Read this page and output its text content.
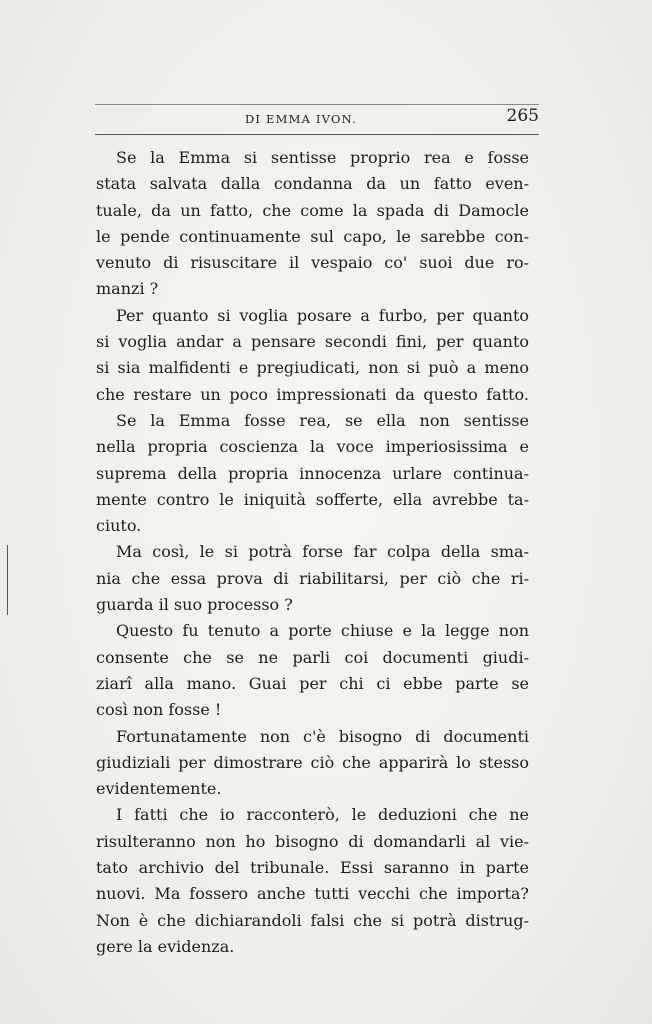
DI EMMA IVON.	265
Se la Emma si sentisse proprio rea e fosse
stata salvata dalla condanna da un fatto even-
tuale, da un fatto, che come la spada di Damocle
le pende continuamente sul capo, le sarebbe con-
venuto di risuscitare il vespaio co' suoi due ro-
manzi ?
Per quanto si voglia posare a furbo, per quanto
si voglia andar a pensare secondi fini, per quanto
si sia malfidenti e pregiudicati, non si può a meno
che restare un poco impressionati da questo fatto.
Se la Emma fosse rea, se ella non sentisse
nella propria coscienza la voce imperiosissima e
suprema della propria innocenza urlare continua-
mente contro le iniquità sofferte, ella avrebbe ta-
ciuto.
Ma così, le si potrà forse far colpa della sma-
nia che essa prova di riabilitarsi, per ciò che ri-
guarda il suo processo ?
Questo fu tenuto a porte chiuse e la legge non
consente che se ne parli coi documenti giudi-
ziarî alla mano. Guai per chi ci ebbe parte se
così non fosse !
Fortunatamente non c'è bisogno di documenti
giudiziali per dimostrare ciò che apparirà lo stesso
evidentemente.
I fatti che io racconterò, le deduzioni che ne
risulteranno non ho bisogno di domandarli al vie-
tato archivio del tribunale. Essi saranno in parte
nuovi. Ma fossero anche tutti vecchi che importa?
Non è che dichiarandoli falsi che si potrà distrug-
gere la evidenza.
